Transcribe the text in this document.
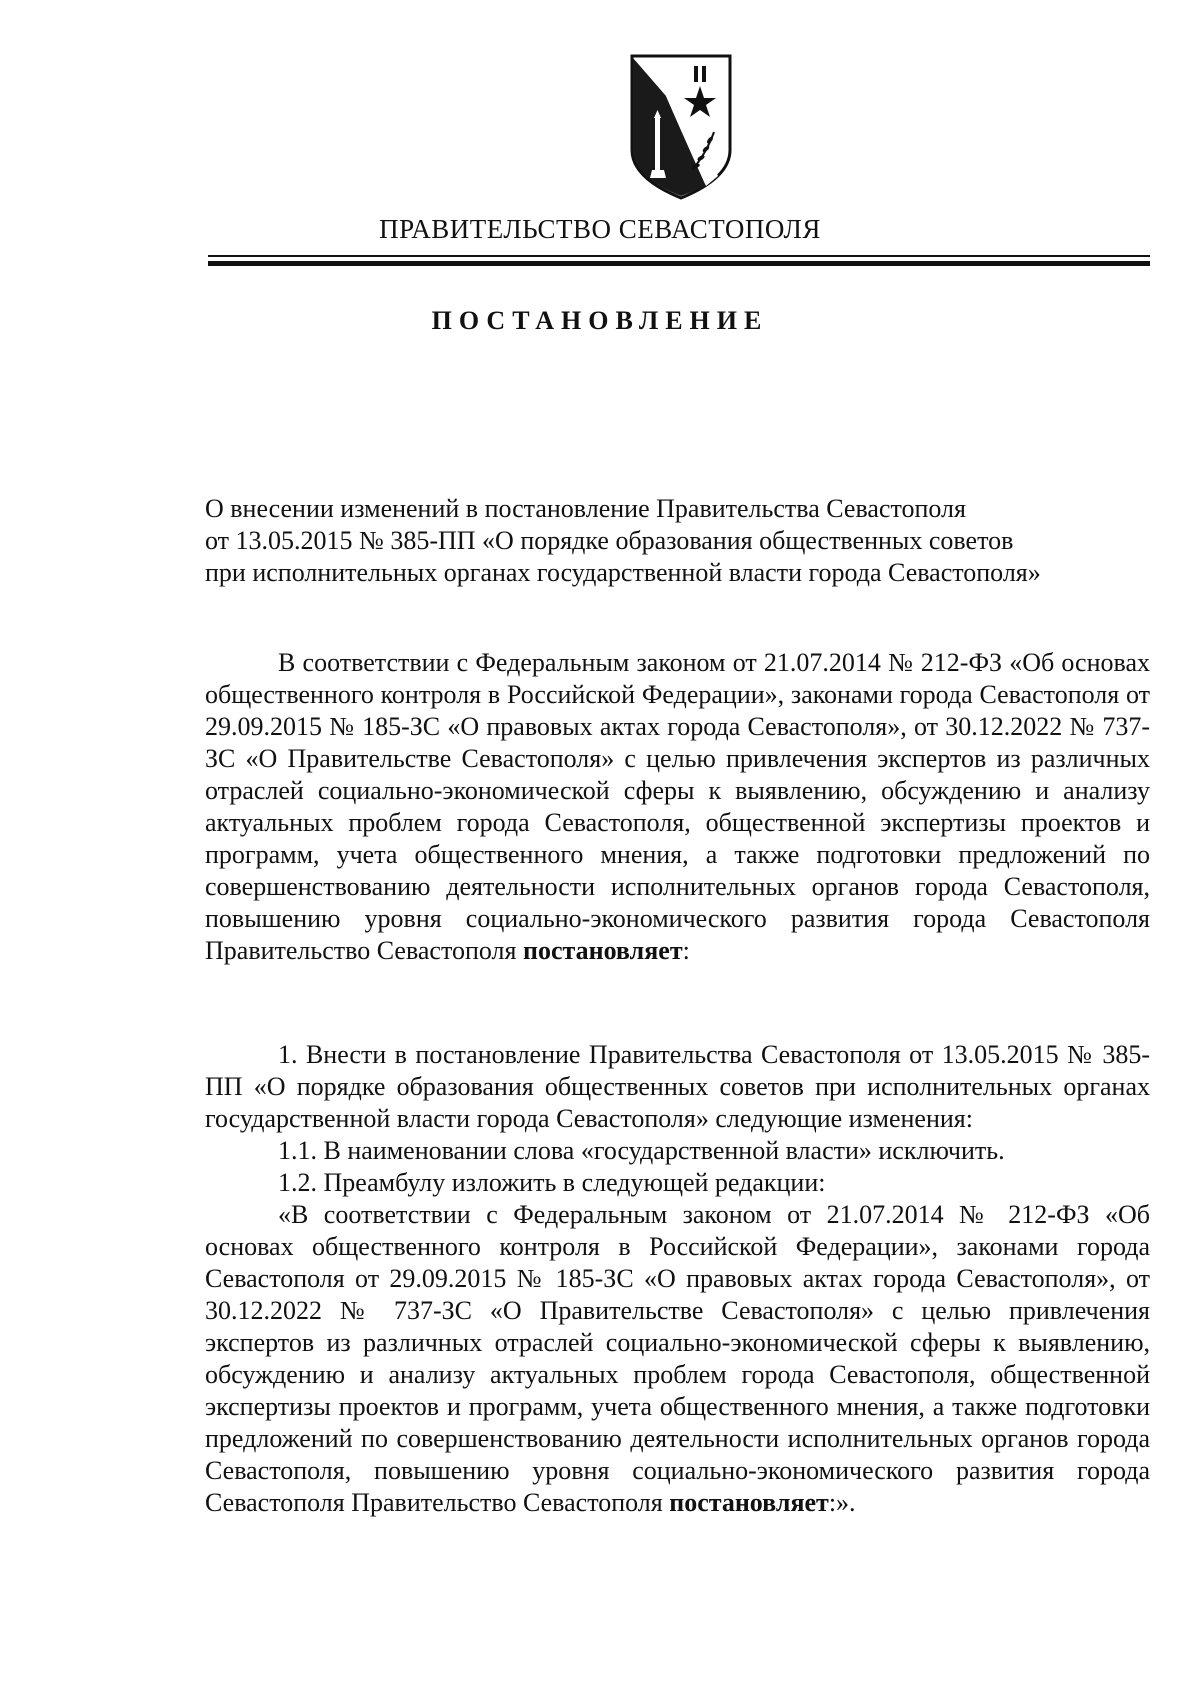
ПРАВИТЕЛЬСТВО СЕВАСТОПОЛЯ
ПОСТАНОВЛЕНИЕ

О внесении изменений в постановление Правительства Севастополя

от 13.05.2015 № 385-ПП «О порядке образования общественных советов

при исполнительных органах государственной власти города Севастополя»

В соответствии с Федеральным законом от 21.07.2014 № 212-ФЗ «Об основах общественного контроля в Российской Федерации», законами города Севастополя от 29.09.2015 № 185-ЗС «О правовых актах города Севастополя», от 30.12.2022 № 737-ЗС «О Правительстве Севастополя» с целью привлечения экспертов из различных отраслей социально-экономической сферы к выявлению, обсуждению и анализу актуальных проблем города Севастополя, общественной экспертизы проектов и программ, учета общественного мнения, а также подготовки предложений по совершенствованию деятельности исполнительных органов города Севастополя, повышению уровня социально-экономического развития города Севастополя Правительство Севастополя постановляет:

1. Внести в постановление Правительства Севастополя от 13.05.2015 № 385-ПП «О порядке образования общественных советов при исполнительных органах государственной власти города Севастополя» следующие изменения:

1.1. В наименовании слова «государственной власти» исключить.

1.2. Преамбулу изложить в следующей редакции:

«В соответствии с Федеральным законом от 21.07.2014 № 212-ФЗ «Об основах общественного контроля в Российской Федерации», законами города Севастополя от 29.09.2015 № 185-ЗС «О правовых актах города Севастополя», от 30.12.2022 № 737-ЗС «О Правительстве Севастополя» с целью привлечения экспертов из различных отраслей социально-экономической сферы к выявлению, обсуждению и анализу актуальных проблем города Севастополя, общественной экспертизы проектов и программ, учета общественного мнения, а также подготовки предложений по совершенствованию деятельности исполнительных органов города Севастополя, повышению уровня социально-экономического развития города Севастополя Правительство Севастополя постановляет:».
